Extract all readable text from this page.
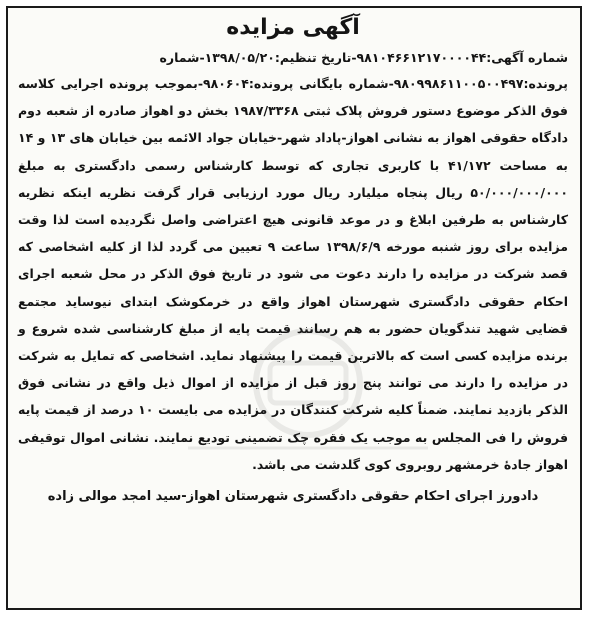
آگهی مزایده
شماره آگهی:۹۸۱۰۴۶۶۱۲۱۷۰۰۰۰۴۴-تاریخ تنظیم:۱۳۹۸/۰۵/۲۰-شماره
پرونده:۹۸۰۹۹۸۶۱۱۰۰۵۰۰۴۹۷-شماره بایگانی پرونده:۹۸۰۶۰۴-بموجب پرونده اجرایی کلاسه فوق الذکر موضوع دستور فروش پلاک ثبتی ۱۹۸۷/۳۳۶۸ بخش دو اهواز صادره از شعبه دوم دادگاه حقوقی اهواز به نشانی اهواز-پاداد شهر-خیابان جواد الائمه بین خیابان های ۱۳ و ۱۴ به مساحت ۴۱/۱۷۲ با کاربری تجاری که توسط کارشناس رسمی دادگستری به مبلغ ۵۰/۰۰۰/۰۰۰/۰۰۰ ریال پنجاه میلیارد ریال مورد ارزیابی قرار گرفت نظریه اینکه نظریه کارشناس به طرفین ابلاغ و در موعد قانونی هیچ اعتراضی واصل نگردیده است لذا وقت مزایده برای روز شنبه مورخه ۱۳۹۸/۶/۹ ساعت ۹ تعیین می گردد لذا از کلیه اشخاصی که قصد شرکت در مزایده را دارند دعوت می شود در تاریخ فوق الذکر در محل شعبه اجرای احکام حقوقی دادگستری شهرستان اهواز واقع در خرمکوشک ابتدای نیوساید مجتمع قضایی شهید تندگویان حضور به هم رسانند قیمت پایه از مبلغ کارشناسی شده شروع و برنده مزایده کسی است که بالاترین قیمت را پیشنهاد نماید. اشخاصی که تمایل به شرکت در مزایده را دارند می توانند پنج روز قبل از مزایده از اموال ذیل واقع در نشانی فوق الذکر بازدید نمایند. ضمناً کلیه شرکت کنندگان در مزایده می بایست ۱۰ درصد از قیمت پایه فروش را فی المجلس به موجب یک فقره چک تضمینی تودیع نمایند. نشانی اموال توقیفی اهواز جادۀ خرمشهر روبروی کوی گلدشت می باشد.
دادورز اجرای احکام حقوقی دادگستری شهرستان اهواز-سید امجد موالی زاده
